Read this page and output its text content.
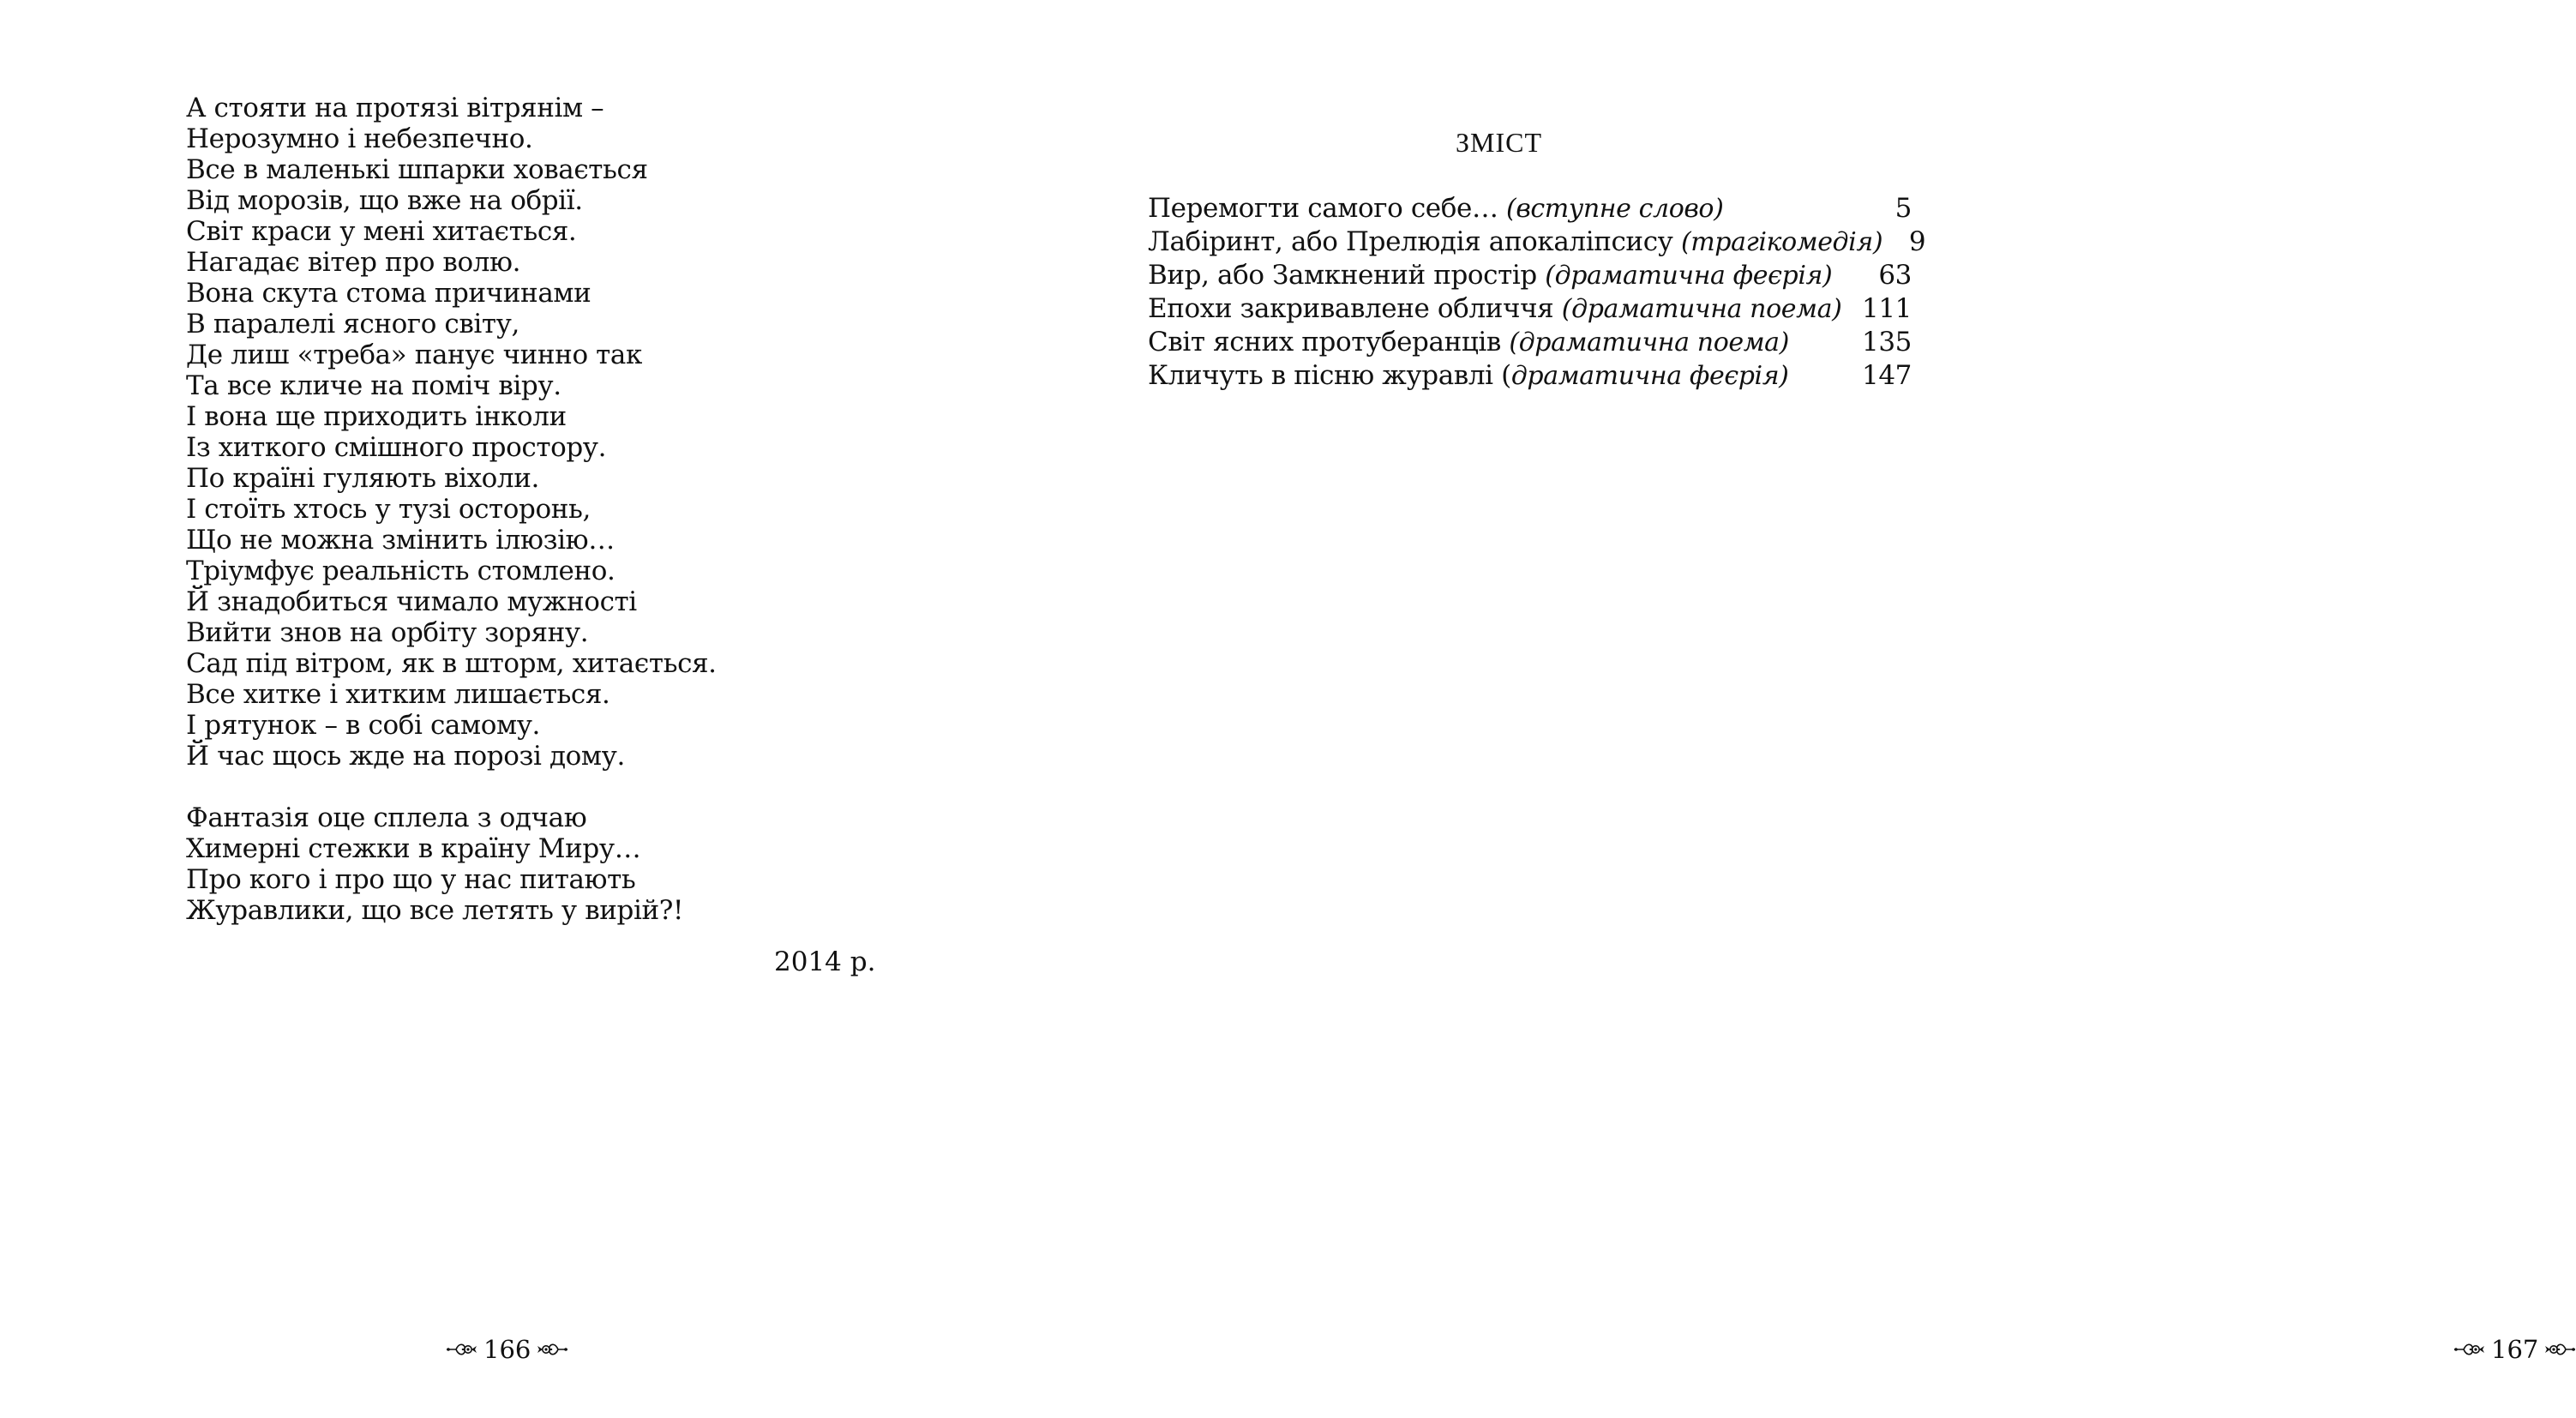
А стояти на протязі вітрянім –
Нерозумно і небезпечно.
Все в маленькі шпарки ховається
Від морозів, що вже на обрії.
Світ краси у мені хитається.
Нагадає вітер про волю.
Вона скута стома причинами
В паралелі ясного світу,
Де лиш «треба» панує чинно так
Та все кличе на поміч віру.
І вона ще приходить інколи
Із хиткого смішного простору.
По країні гуляють віхоли.
І стоїть хтось у тузі осторонь,
Що не можна змінить ілюзію…
Тріумфує реальність стомлено.
Й знадобиться чимало мужності
Вийти знов на орбіту зоряну.
Сад під вітром, як в шторм, хитається.
Все хитке і хитким лишається.
І рятунок – в собі самому.
Й час щось жде на порозі дому.
Фантазія оце сплела з одчаю
Химерні стежки в країну Миру…
Про кого і про що у нас питають
Журавлики, що все летять у вирій?!
2014 р.
166
ЗМІСТ
Перемогти самого себе… (вступне слово)	5
Лабіринт, або Прелюдія апокаліпсису (трагікомедія) 9
Вир, або Замкнений простір (драматична феєрія)	63
Епохи закривавлене обличчя (драматична поема) 111
Світ ясних протуберанців (драматична поема)	135
Кличуть в пісню журавлі (драматична феєрія)	147
167
